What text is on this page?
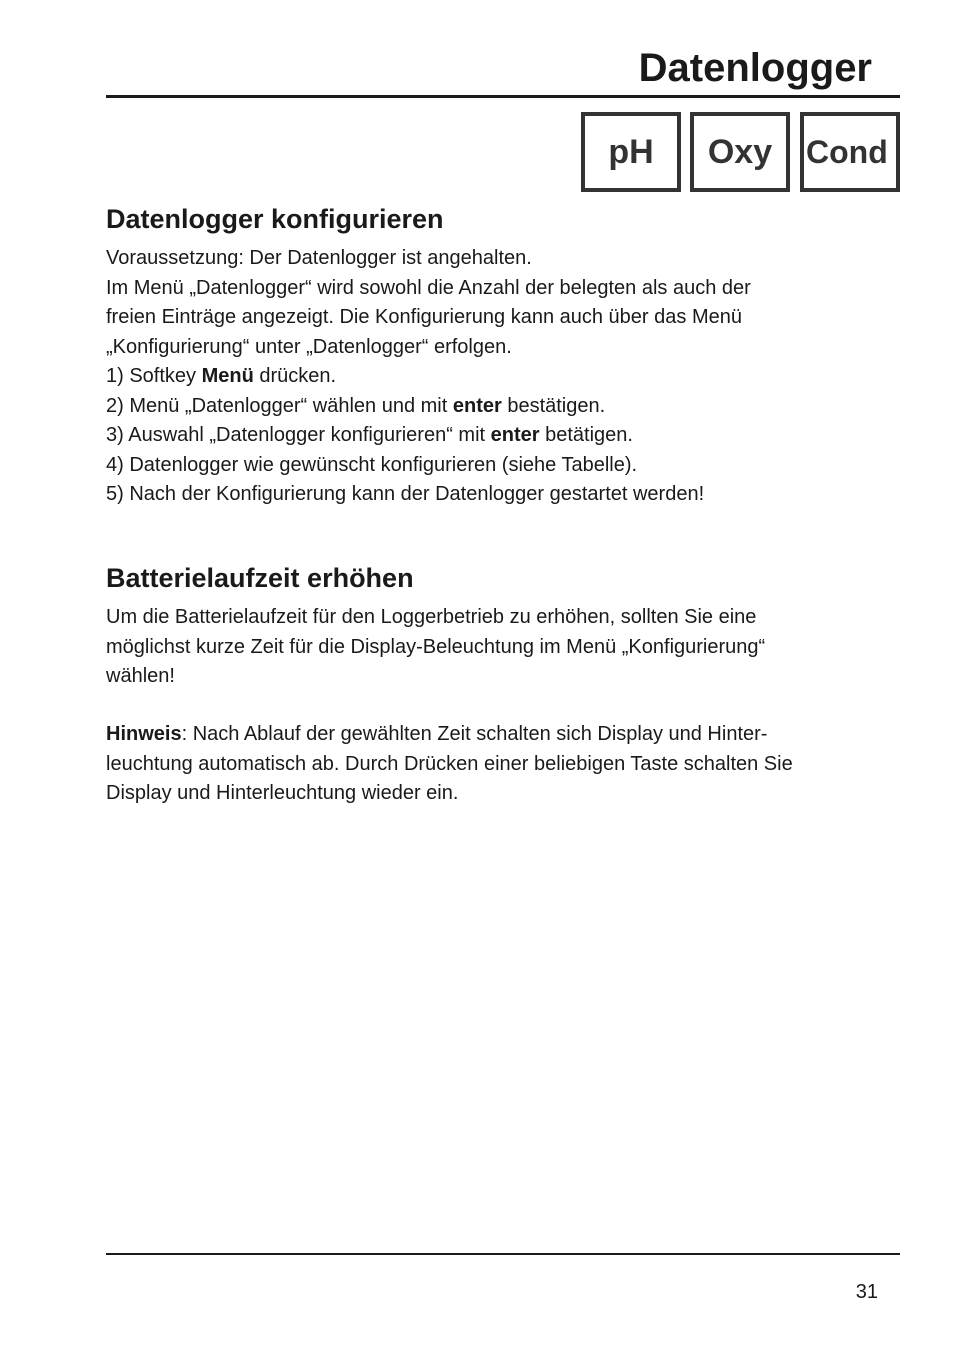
Datenlogger
pH	Oxy	Cond
Datenlogger konfigurieren

Voraussetzung: Der Datenlogger ist angehalten.

Im Menü „Datenlogger“ wird sowohl die Anzahl der belegten als auch der

freien Einträge angezeigt. Die Konfigurierung kann auch über das Menü

„Konfigurierung“ unter „Datenlogger“ erfolgen.

1) Softkey Menü drücken.

2) Menü „Datenlogger“ wählen und mit enter bestätigen.

3) Auswahl „Datenlogger konfigurieren“ mit enter betätigen.

4) Datenlogger wie gewünscht konfigurieren (siehe Tabelle).

5) Nach der Konfigurierung kann der Datenlogger gestartet werden!

Batterielaufzeit erhöhen

Um die Batterielaufzeit für den Loggerbetrieb zu erhöhen, sollten Sie eine

möglichst kurze Zeit für die Display-Beleuchtung im Menü „Konfigurierung“

wählen!

Hinweis: Nach Ablauf der gewählten Zeit schalten sich Display und Hinter-

leuchtung automatisch ab. Durch Drücken einer beliebigen Taste schalten Sie

Display und Hinterleuchtung wieder ein.

31
